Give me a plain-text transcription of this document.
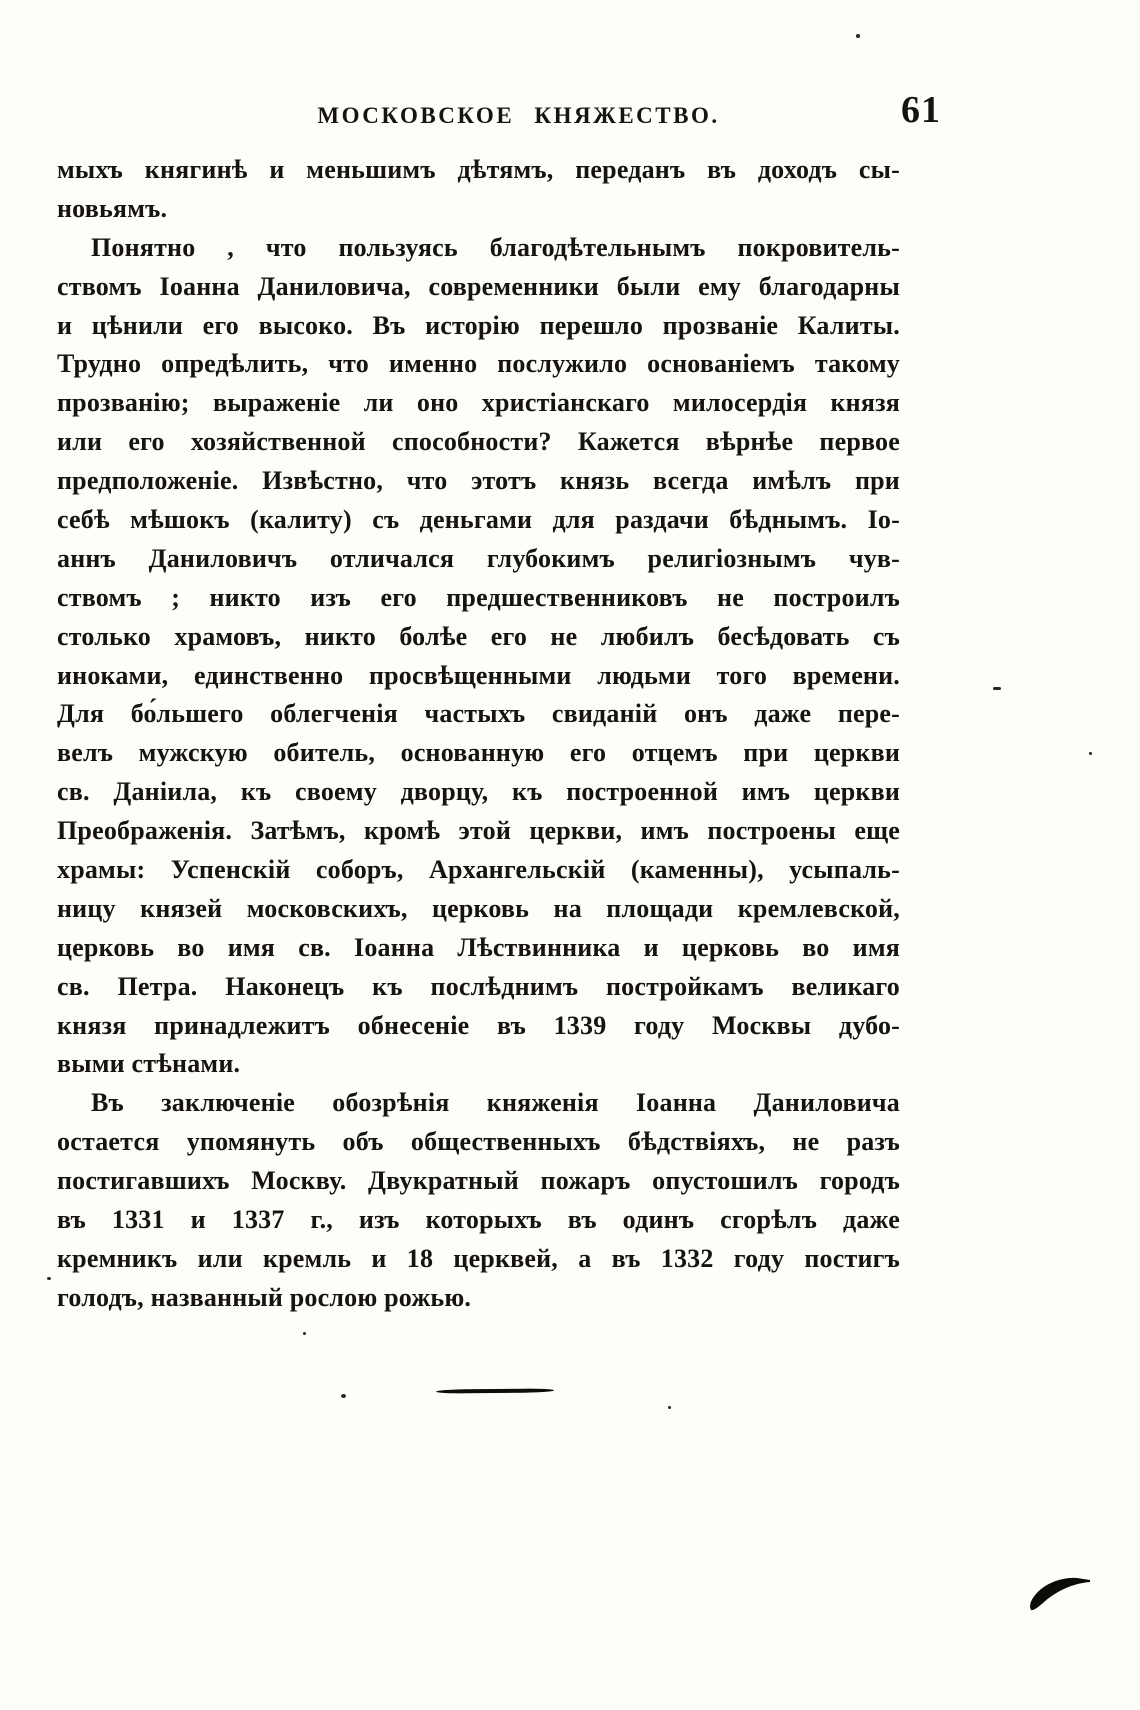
МОСКОВСКОЕ КНЯЖЕСТВО.	61
мыхъ княгинѣ и меньшимъ дѣтямъ, переданъ въ доходъ сы-
новьямъ.
Понятно , что пользуясь благодѣтельнымъ покровитель-
ствомъ Іоанна Даниловича, современники были ему благодарны
и цѣнили его высоко. Въ исторію перешло прозваніе Калиты.
Трудно опредѣлить, что именно послужило основаніемъ такому
прозванію; выраженіе ли оно христіанскаго милосердія князя
или его хозяйственной способности? Кажется вѣрнѣе первое
предположеніе. Извѣстно, что этотъ князь всегда имѣлъ при
себѣ мѣшокъ (калиту) съ деньгами для раздачи бѣднымъ. Іо-
аннъ Даниловичъ отличался глубокимъ религіознымъ чув-
ствомъ ; никто изъ его предшественниковъ не построилъ
столько храмовъ, никто болѣе его не любилъ бесѣдовать съ
иноками, единственно просвѣщенными людьми того времени.
Для бо́льшего облегченія частыхъ свиданій онъ даже пере-
велъ мужскую обитель, основанную его отцемъ при церкви
св. Даніила, къ своему дворцу, къ построенной имъ церкви
Преображенія. Затѣмъ, кромѣ этой церкви, имъ построены еще
храмы: Успенскій соборъ, Архангельскій (каменны), усыпаль-
ницу князей московскихъ, церковь на площади кремлевской,
церковь во имя св. Іоанна Лѣствинника и церковь во имя
св. Петра. Наконецъ къ послѣднимъ постройкамъ великаго
князя принадлежитъ обнесеніе въ 1339 году Москвы дубо-
выми стѣнами.
Въ заключеніе обозрѣнія княженія Іоанна Даниловича
остается упомянуть объ общественныхъ бѣдствіяхъ, не разъ
постигавшихъ Москву. Двукратный пожаръ опустошилъ городъ
въ 1331 и 1337 г., изъ которыхъ въ одинъ сгорѣлъ даже
кремникъ или кремль и 18 церквей, а въ 1332 году постигъ
голодъ, названный рослою рожью.
